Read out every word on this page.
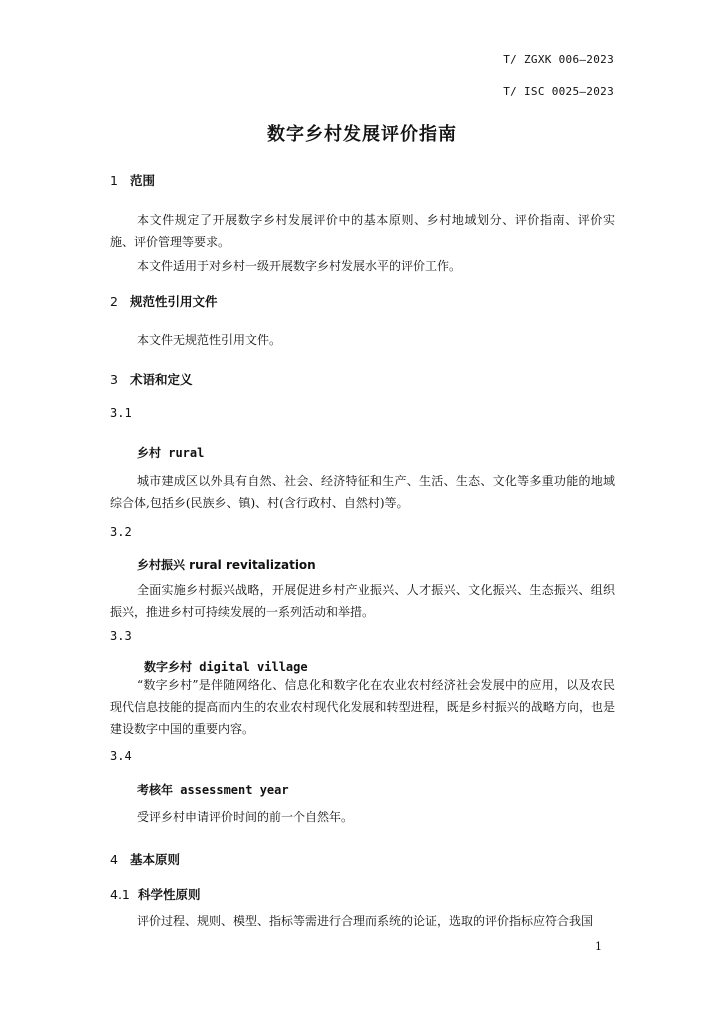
T/ ZGXK 006—2023
T/ ISC 0025—2023
数字乡村发展评价指南
1 范围
本文件规定了开展数字乡村发展评价中的基本原则、乡村地域划分、评价指南、评价实施、评价管理等要求。
本文件适用于对乡村一级开展数字乡村发展水平的评价工作。
2 规范性引用文件
本文件无规范性引用文件。
3 术语和定义
3.1
乡村 rural
城市建成区以外具有自然、社会、经济特征和生产、生活、生态、文化等多重功能的地域综合体,包括乡(民族乡、镇)、村(含行政村、自然村)等。
3.2
乡村振兴 rural revitalization
全面实施乡村振兴战略，开展促进乡村产业振兴、人才振兴、文化振兴、生态振兴、组织振兴，推进乡村可持续发展的一系列活动和举措。
3.3
数字乡村 digital village
“数字乡村”是伴随网络化、信息化和数字化在农业农村经济社会发展中的应用，以及农民现代信息技能的提高而内生的农业农村现代化发展和转型进程，既是乡村振兴的战略方向，也是建设数字中国的重要内容。
3.4
考核年 assessment year
受评乡村申请评价时间的前一个自然年。
4 基本原则
4.1 科学性原则
评价过程、规则、模型、指标等需进行合理而系统的论证，选取的评价指标应符合我国
1
